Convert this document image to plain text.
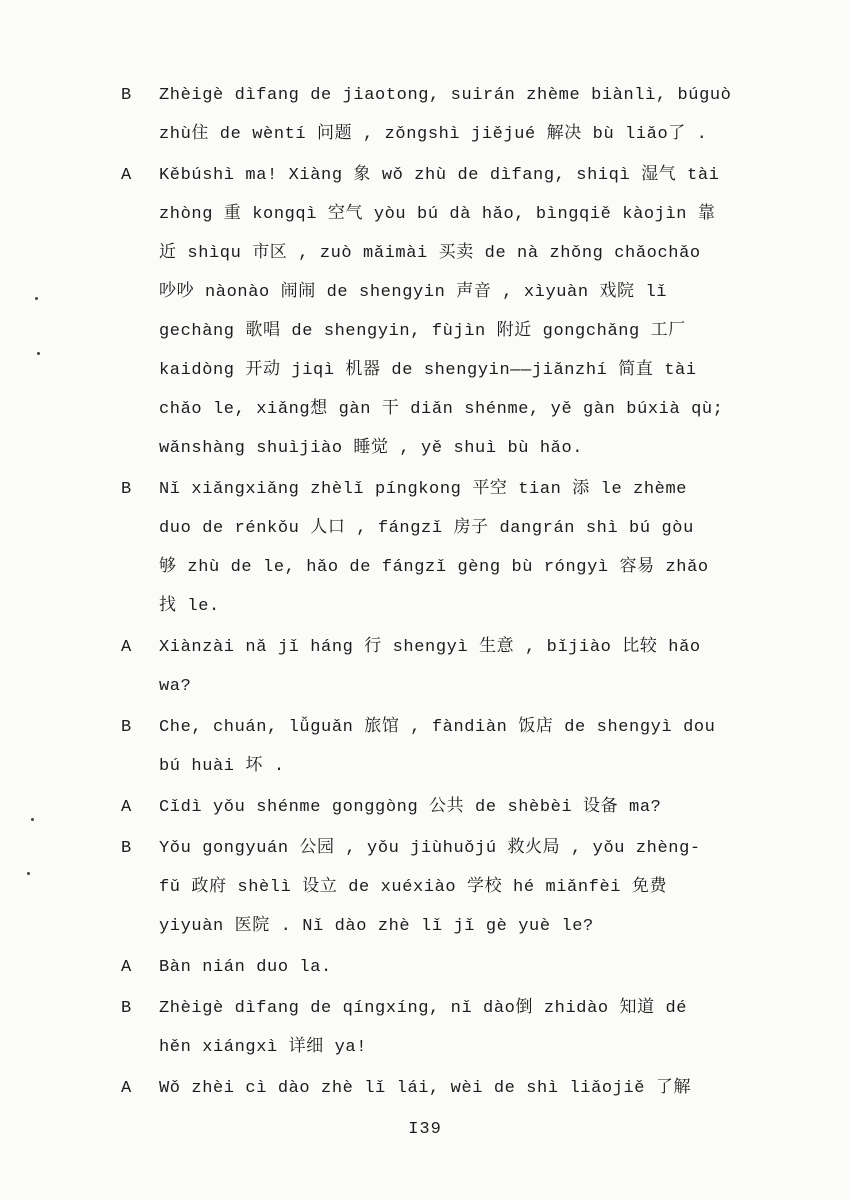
B	Zhèigè dìfang de jiaotong, suirán zhème biànlì, búguò
zhù住 de wèntí 问题 , zǒngshì jiějué 解决 bù liǎo了 .
A	Kěbúshì ma! Xiàng 象 wǒ zhù de dìfang, shiqì 湿气 tài
zhòng 重 kongqì 空气 yòu bú dà hǎo, bìngqiě kàojìn 靠
近 shìqu 市区 , zuò mǎimài 买卖 de nà zhǒng chǎochǎo
吵吵 nàonào 闹闹 de shengyin 声音 , xìyuàn 戏院 lǐ
gechàng 歌唱 de shengyin, fùjìn 附近 gongchǎng 工厂
kaidòng 开动 jiqì 机器 de shengyin——jiǎnzhí 简直 tài
chǎo le, xiǎng想 gàn 干 diǎn shénme, yě gàn búxià qù;
wǎnshàng shuìjiào 睡觉 , yě shuì bù hǎo.
B	Nǐ xiǎngxiǎng zhèlǐ píngkong 平空 tian 添 le zhème
duo de rénkǒu 人口 , fángzǐ 房子 dangrán shì bú gòu
够 zhù de le, hǎo de fángzǐ gèng bù róngyì 容易 zhǎo
找 le.
A	Xiànzài nǎ jǐ háng 行 shengyì 生意 , bǐjiào 比较 hǎo
wa?
B	Che, chuán, lǚguǎn 旅馆 , fàndiàn 饭店 de shengyì dou
bú huài 坏 .
A	Cǐdì yǒu shénme gonggòng 公共 de shèbèi 设备 ma?
B	Yǒu gongyuán 公园 , yǒu jiùhuǒjú 救火局 , yǒu zhèng-
fǔ 政府 shèlì 设立 de xuéxiào 学校 hé miǎnfèi 免费
yiyuàn 医院 . Nǐ dào zhè lǐ jǐ gè yuè le?
A	Bàn nián duo la.
B	Zhèigè dìfang de qíngxíng, nǐ dào倒 zhidào 知道 dé
hěn xiángxì 详细 ya!
A	Wǒ zhèi cì dào zhè lǐ lái, wèi de shì liǎojiě 了解
I39
